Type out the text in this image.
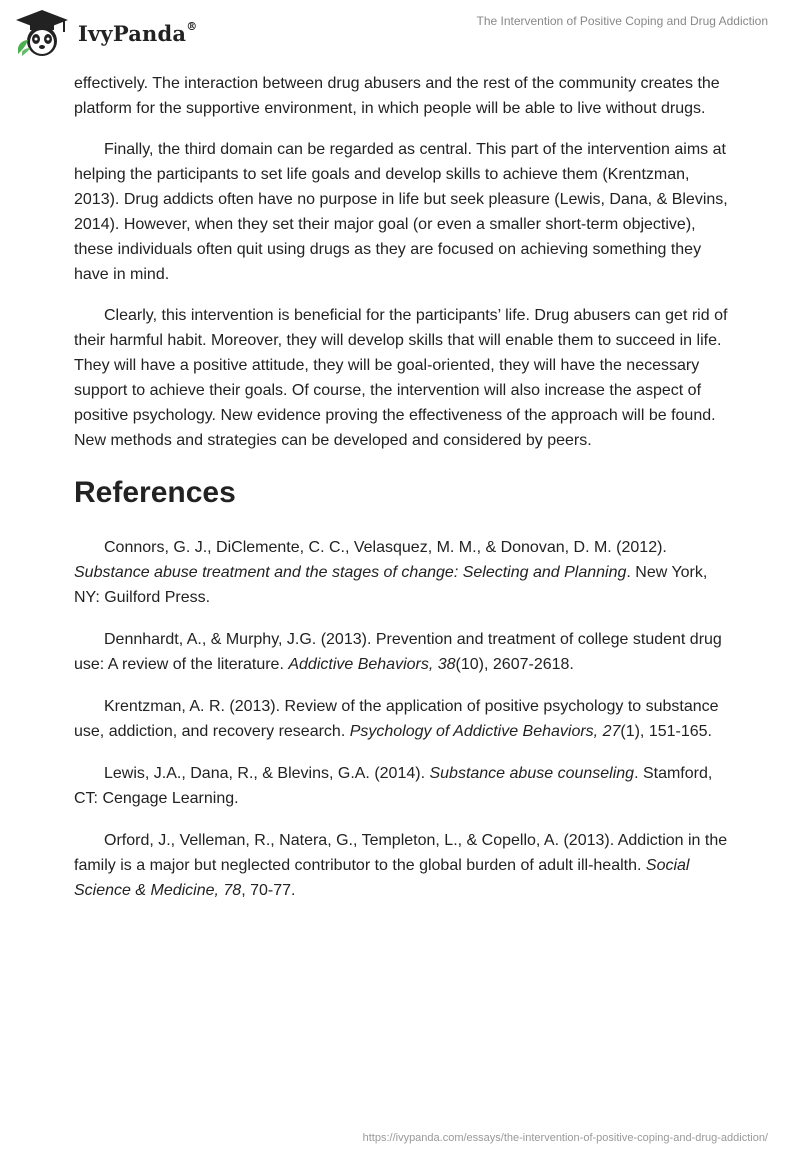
IvyPanda®	The Intervention of Positive Coping and Drug Addiction

effectively. The interaction between drug abusers and the rest of the community creates the platform for the supportive environment, in which people will be able to live without drugs.

Finally, the third domain can be regarded as central. This part of the intervention aims at helping the participants to set life goals and develop skills to achieve them (Krentzman, 2013). Drug addicts often have no purpose in life but seek pleasure (Lewis, Dana, & Blevins, 2014). However, when they set their major goal (or even a smaller short-term objective), these individuals often quit using drugs as they are focused on achieving something they have in mind.

Clearly, this intervention is beneficial for the participants’ life. Drug abusers can get rid of their harmful habit. Moreover, they will develop skills that will enable them to succeed in life. They will have a positive attitude, they will be goal-oriented, they will have the necessary support to achieve their goals. Of course, the intervention will also increase the aspect of positive psychology. New evidence proving the effectiveness of the approach will be found. New methods and strategies can be developed and considered by peers.

References

Connors, G. J., DiClemente, C. C., Velasquez, M. M., & Donovan, D. M. (2012). Substance abuse treatment and the stages of change: Selecting and Planning. New York, NY: Guilford Press.

Dennhardt, A., & Murphy, J.G. (2013). Prevention and treatment of college student drug use: A review of the literature. Addictive Behaviors, 38(10), 2607-2618.

Krentzman, A. R. (2013). Review of the application of positive psychology to substance use, addiction, and recovery research. Psychology of Addictive Behaviors, 27(1), 151-165.

Lewis, J.A., Dana, R., & Blevins, G.A. (2014). Substance abuse counseling. Stamford, CT: Cengage Learning.

Orford, J., Velleman, R., Natera, G., Templeton, L., & Copello, A. (2013). Addiction in the family is a major but neglected contributor to the global burden of adult ill-health. Social Science & Medicine, 78, 70-77.

https://ivypanda.com/essays/the-intervention-of-positive-coping-and-drug-addiction/
